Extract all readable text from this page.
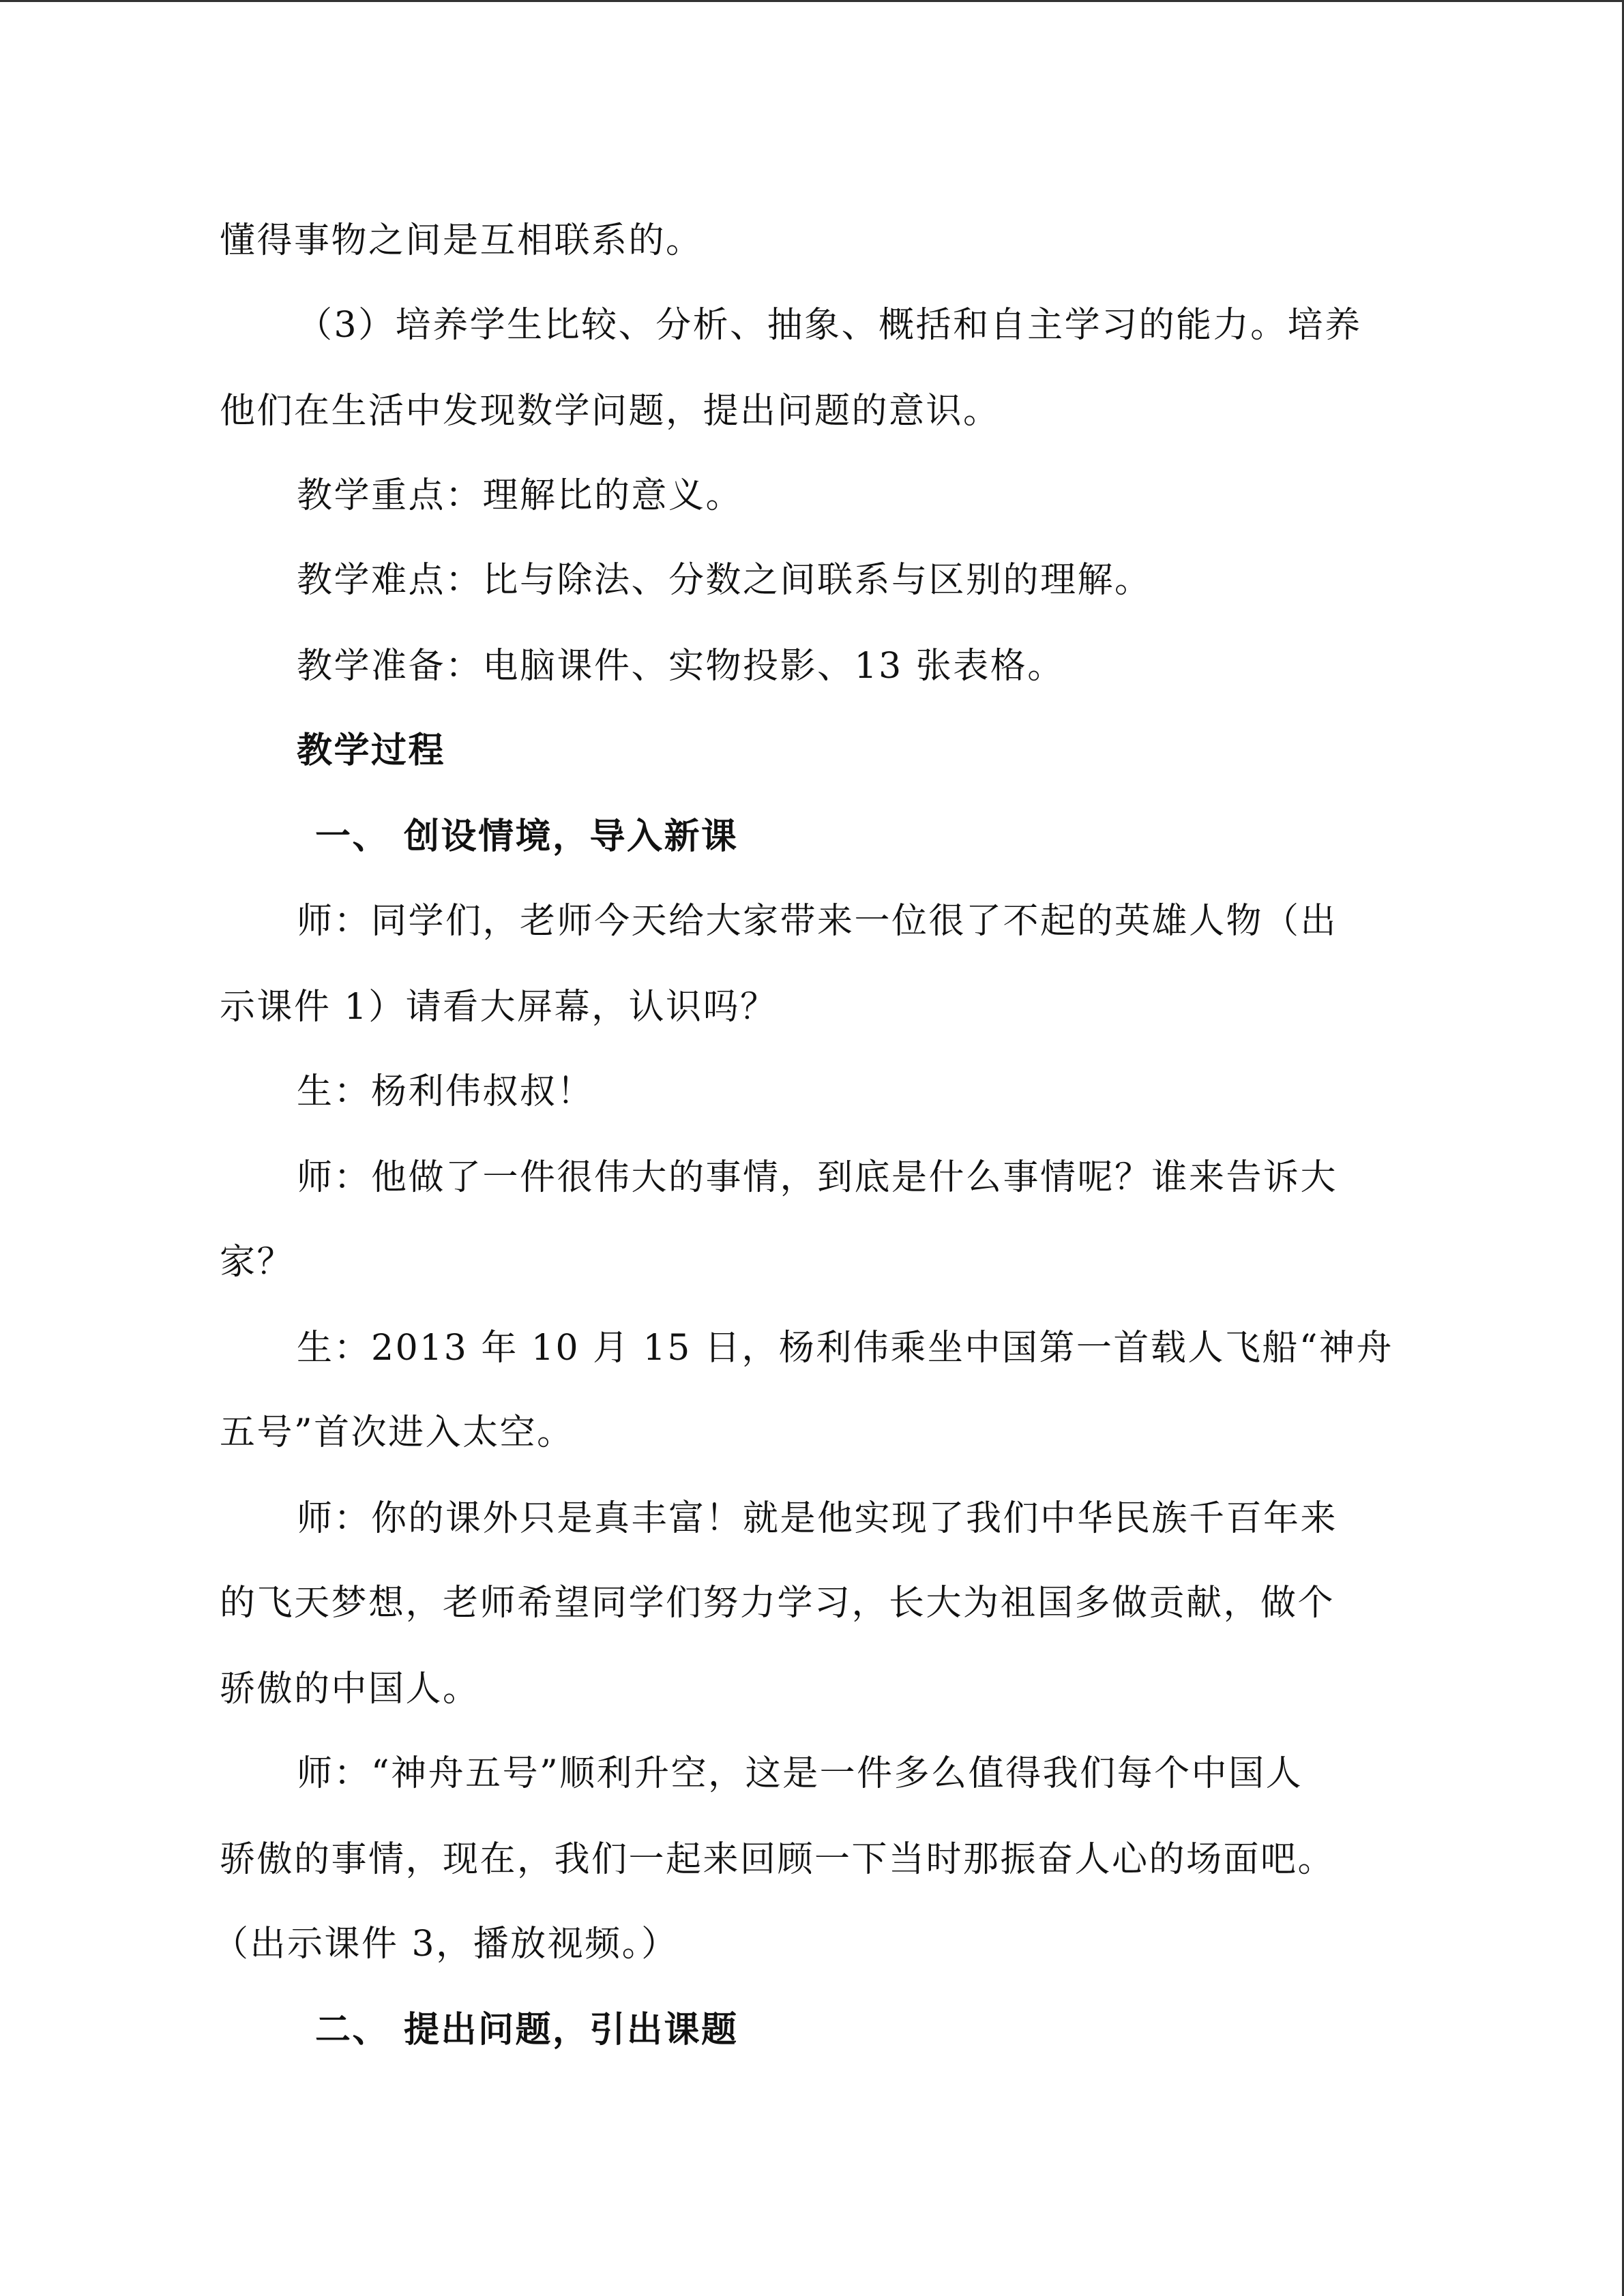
懂得事物之间是互相联系的。
（3）培养学生比较、分析、抽象、概括和自主学习的能力。培养
他们在生活中发现数学问题，提出问题的意识。
教学重点：理解比的意义。
教学难点：比与除法、分数之间联系与区别的理解。
教学准备：电脑课件、实物投影、13 张表格。
教学过程
一、 创设情境，导入新课
师：同学们，老师今天给大家带来一位很了不起的英雄人物（出
示课件 1）请看大屏幕，认识吗？
生：杨利伟叔叔！
师：他做了一件很伟大的事情，到底是什么事情呢？谁来告诉大
家？
生：2013 年 10 月 15 日，杨利伟乘坐中国第一首载人飞船“神舟
五号”首次进入太空。
师：你的课外只是真丰富！就是他实现了我们中华民族千百年来
的飞天梦想，老师希望同学们努力学习，长大为祖国多做贡献，做个
骄傲的中国人。
师：“神舟五号”顺利升空，这是一件多么值得我们每个中国人
骄傲的事情，现在，我们一起来回顾一下当时那振奋人心的场面吧。
（出示课件 3，播放视频。）
二、 提出问题，引出课题
